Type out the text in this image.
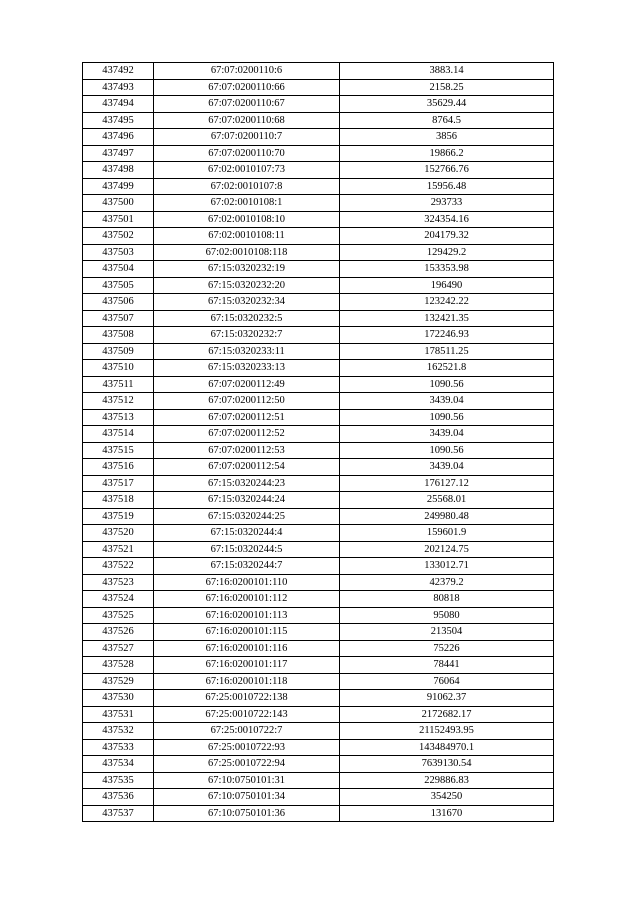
437492	67:07:0200110:6	3883.14
437493	67:07:0200110:66	2158.25
437494	67:07:0200110:67	35629.44
437495	67:07:0200110:68	8764.5
437496	67:07:0200110:7	3856
437497	67:07:0200110:70	19866.2
437498	67:02:0010107:73	152766.76
437499	67:02:0010107:8	15956.48
437500	67:02:0010108:1	293733
437501	67:02:0010108:10	324354.16
437502	67:02:0010108:11	204179.32
437503	67:02:0010108:118	129429.2
437504	67:15:0320232:19	153353.98
437505	67:15:0320232:20	196490
437506	67:15:0320232:34	123242.22
437507	67:15:0320232:5	132421.35
437508	67:15:0320232:7	172246.93
437509	67:15:0320233:11	178511.25
437510	67:15:0320233:13	162521.8
437511	67:07:0200112:49	1090.56
437512	67:07:0200112:50	3439.04
437513	67:07:0200112:51	1090.56
437514	67:07:0200112:52	3439.04
437515	67:07:0200112:53	1090.56
437516	67:07:0200112:54	3439.04
437517	67:15:0320244:23	176127.12
437518	67:15:0320244:24	25568.01
437519	67:15:0320244:25	249980.48
437520	67:15:0320244:4	159601.9
437521	67:15:0320244:5	202124.75
437522	67:15:0320244:7	133012.71
437523	67:16:0200101:110	42379.2
437524	67:16:0200101:112	80818
437525	67:16:0200101:113	95080
437526	67:16:0200101:115	213504
437527	67:16:0200101:116	75226
437528	67:16:0200101:117	78441
437529	67:16:0200101:118	76064
437530	67:25:0010722:138	91062.37
437531	67:25:0010722:143	2172682.17
437532	67:25:0010722:7	21152493.95
437533	67:25:0010722:93	143484970.1
437534	67:25:0010722:94	7639130.54
437535	67:10:0750101:31	229886.83
437536	67:10:0750101:34	354250
437537	67:10:0750101:36	131670
